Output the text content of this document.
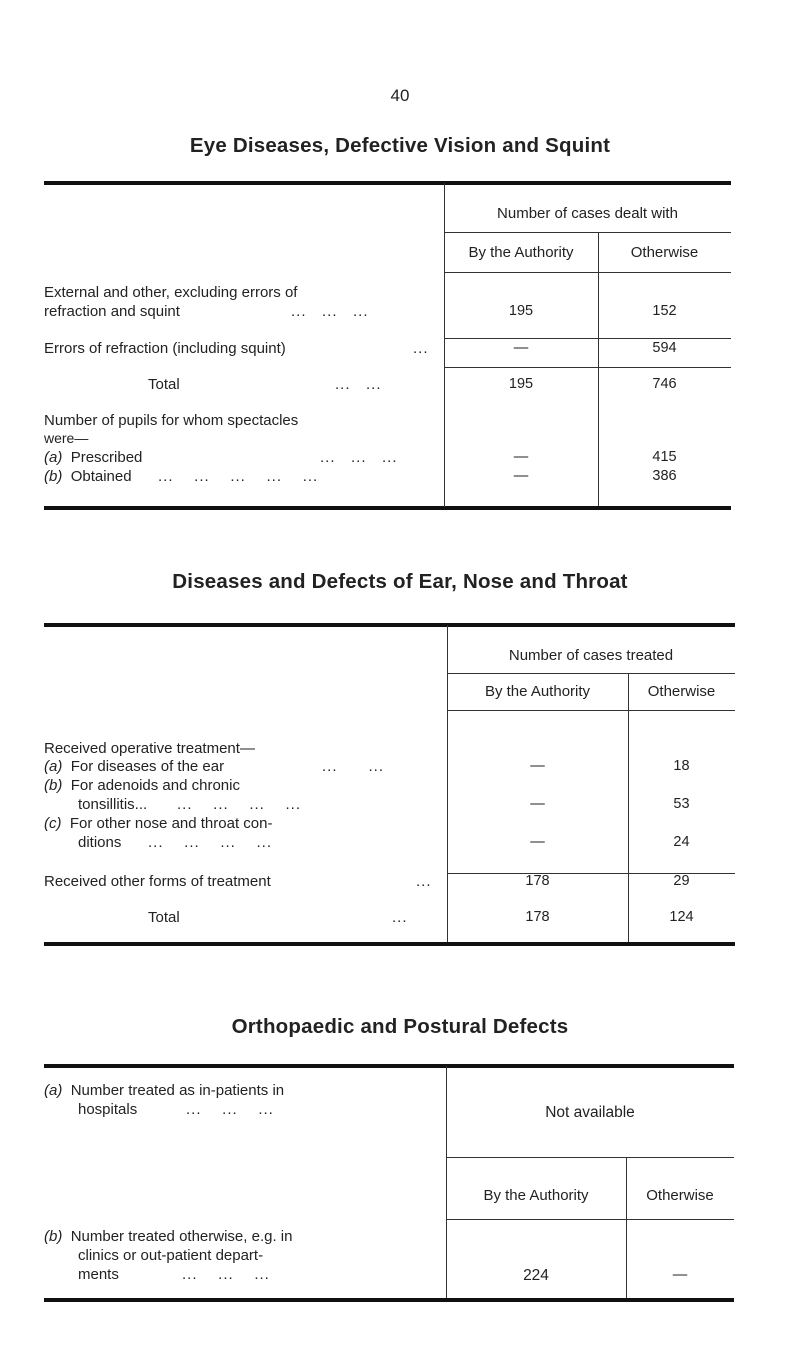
40
Eye Diseases, Defective Vision and Squint
Number of cases dealt with
By the Authority	Otherwise
External and other, excluding errors of
refraction and squint	...   ...   ...	195	152
Errors of refraction (including squint)	...	—	594
Total	...   ...	195	746
Number of pupils for whom spectacles
were—
(a) Prescribed	...   ...   ...	—	415
(b) Obtained ...    ...    ...    ...    ...	—	386
Diseases and Defects of Ear, Nose and Throat
Number of cases treated
By the Authority	Otherwise
Received operative treatment—
(a) For diseases of the ear	...      ...	—	18
(b) For adenoids and chronic
tonsillitis... ...    ...    ...    ...	—	53
(c) For other nose and throat con-
ditions ...    ...    ...    ...	—	24
Received other forms of treatment	...	178	29
Total	...	178	124
Orthopaedic and Postural Defects
(a) Number treated as in-patients in
hospitals	...    ...    ...	Not available
By the Authority	Otherwise
(b) Number treated otherwise, e.g. in
clinics or out-patient depart-
ments	...    ...    ...	224	—
